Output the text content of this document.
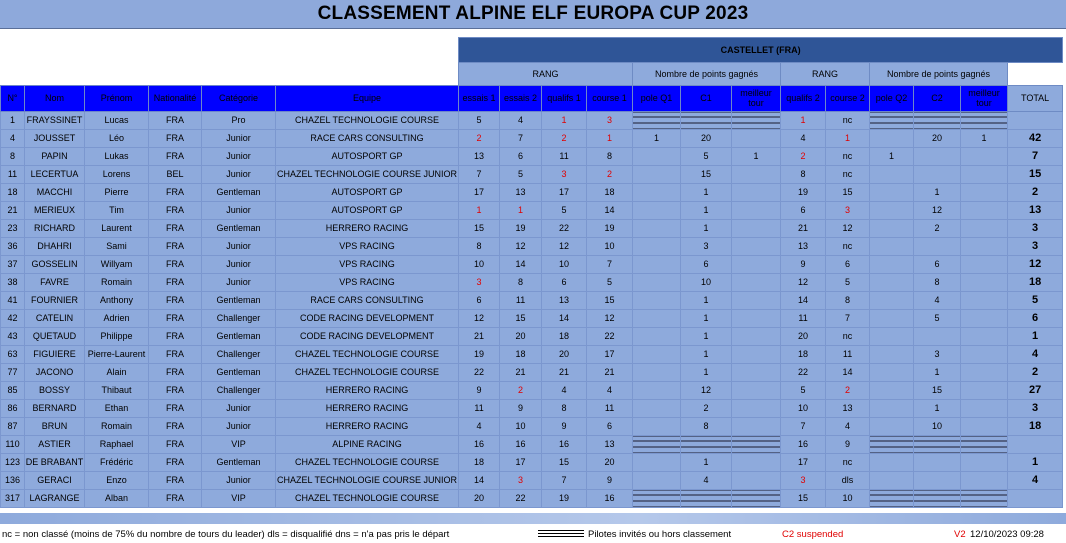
CLASSEMENT ALPINE ELF EUROPA CUP 2023
						CASTELLET (FRA)												
						RANG				Nombre de points gagnés			RANG		Nombre de points gagnés			
N°	Nom	Prénom	Nationalité	Catégorie	Equipe	essais 1	essais 2	qualifs 1	course 1	pole Q1	C1	meilleur tour	qualifs 2	course 2	pole Q2	C2	meilleur tour	TOTAL
1	FRAYSSINET	Lucas	FRA	Pro	CHAZEL TECHNOLOGIE COURSE	5	4	1	3				1	nc				
4	JOUSSET	Léo	FRA	Junior	RACE CARS CONSULTING	2	7	2	1	1	20		4	1		20	1	42
8	PAPIN	Lukas	FRA	Junior	AUTOSPORT GP	13	6	11	8		5	1	2	nc	1			7
11	LECERTUA	Lorens	BEL	Junior	CHAZEL TECHNOLOGIE COURSE JUNIOR	7	5	3	2		15		8	nc				15
18	MACCHI	Pierre	FRA	Gentleman	AUTOSPORT GP	17	13	17	18		1		19	15		1		2
21	MERIEUX	Tim	FRA	Junior	AUTOSPORT GP	1	1	5	14		1		6	3		12		13
23	RICHARD	Laurent	FRA	Gentleman	HERRERO RACING	15	19	22	19		1		21	12		2		3
36	DHAHRI	Sami	FRA	Junior	VPS RACING	8	12	12	10		3		13	nc				3
37	GOSSELIN	Willyam	FRA	Junior	VPS RACING	10	14	10	7		6		9	6		6		12
38	FAVRE	Romain	FRA	Junior	VPS RACING	3	8	6	5		10		12	5		8		18
41	FOURNIER	Anthony	FRA	Gentleman	RACE CARS CONSULTING	6	11	13	15		1		14	8		4		5
42	CATELIN	Adrien	FRA	Challenger	CODE RACING DEVELOPMENT	12	15	14	12		1		11	7		5		6
43	QUETAUD	Philippe	FRA	Gentleman	CODE RACING DEVELOPMENT	21	20	18	22		1		20	nc				1
63	FIGUIERE	Pierre-Laurent	FRA	Challenger	CHAZEL TECHNOLOGIE COURSE	19	18	20	17		1		18	11		3		4
77	JACONO	Alain	FRA	Gentleman	CHAZEL TECHNOLOGIE COURSE	22	21	21	21		1		22	14		1		2
85	BOSSY	Thibaut	FRA	Challenger	HERRERO RACING	9	2	4	4		12		5	2		15		27
86	BERNARD	Ethan	FRA	Junior	HERRERO RACING	11	9	8	11		2		10	13		1		3
87	BRUN	Romain	FRA	Junior	HERRERO RACING	4	10	9	6		8		7	4		10		18
110	ASTIER	Raphael	FRA	VIP	ALPINE RACING	16	16	16	13				16	9				
123	DE BRABANT	Frédéric	FRA	Gentleman	CHAZEL TECHNOLOGIE COURSE	18	17	15	20		1		17	nc				1
136	GERACI	Enzo	FRA	Junior	CHAZEL TECHNOLOGIE COURSE JUNIOR	14	3	7	9		4		3	dls				4
317	LAGRANGE	Alban	FRA	VIP	CHAZEL TECHNOLOGIE COURSE	20	22	19	16				15	10				
nc = non classé (moins de 75% du nombre de tours du leader) dls = disqualifié dns = n'a pas pris le départ	Pilotes invités ou hors classement	C2 suspended	V2 12/10/2023 09:28
